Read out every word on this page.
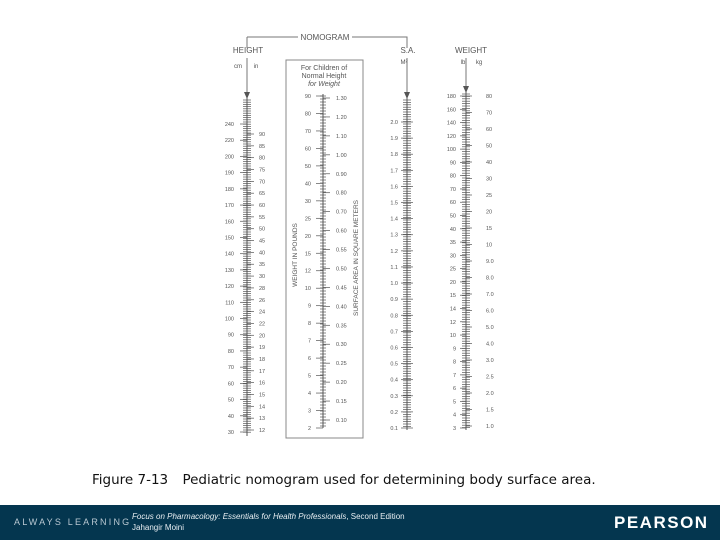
NOMOGRAM
HEIGHT
cm in
S.A.
M²
WEIGHT
lb kg
For Children of
Normal Height
for Weight
WEIGHT IN POUNDS	SURFACE AREA IN SQUARE METERS
240
220
200
190
180
170
160
150
140
130
120
110
100
90
80
70
60
50
40
30
90
85
80
75
70
65
60
55
50
45
40
35
30
28
26
24
22
20
19
18
17
16
15
14
13
12
90
80
70
60
50
40
30
25
20
15
12
10
9
8
7
6
5
4
3
2
1.30
1.20
1.10
1.00
0.90
0.80
0.70
0.60
0.55
0.50
0.45
0.40
0.35
0.30
0.25
0.20
0.15
0.10
2.0
1.9
1.8
1.7
1.6
1.5
1.4
1.3
1.2
1.1
1.0
0.9
0.8
0.7
0.6
0.5
0.4
0.3
0.2
0.1
180
160
140
120
100
90
80
70
60
50
40
35
30
25
20
15
14
12
10
9
8
7
6
5
4
3
80
70
60
50
40
30
25
20
15
10
9.0
8.0
7.0
6.0
5.0
4.0
3.0
2.5
2.0
1.5
1.0
Figure 7-13 Pediatric nomogram used for determining body surface area.
ALWAYS LEARNING
Focus on Pharmacology: Essentials for Health Professionals, Second Edition
Jahangir Moini	PEARSON
